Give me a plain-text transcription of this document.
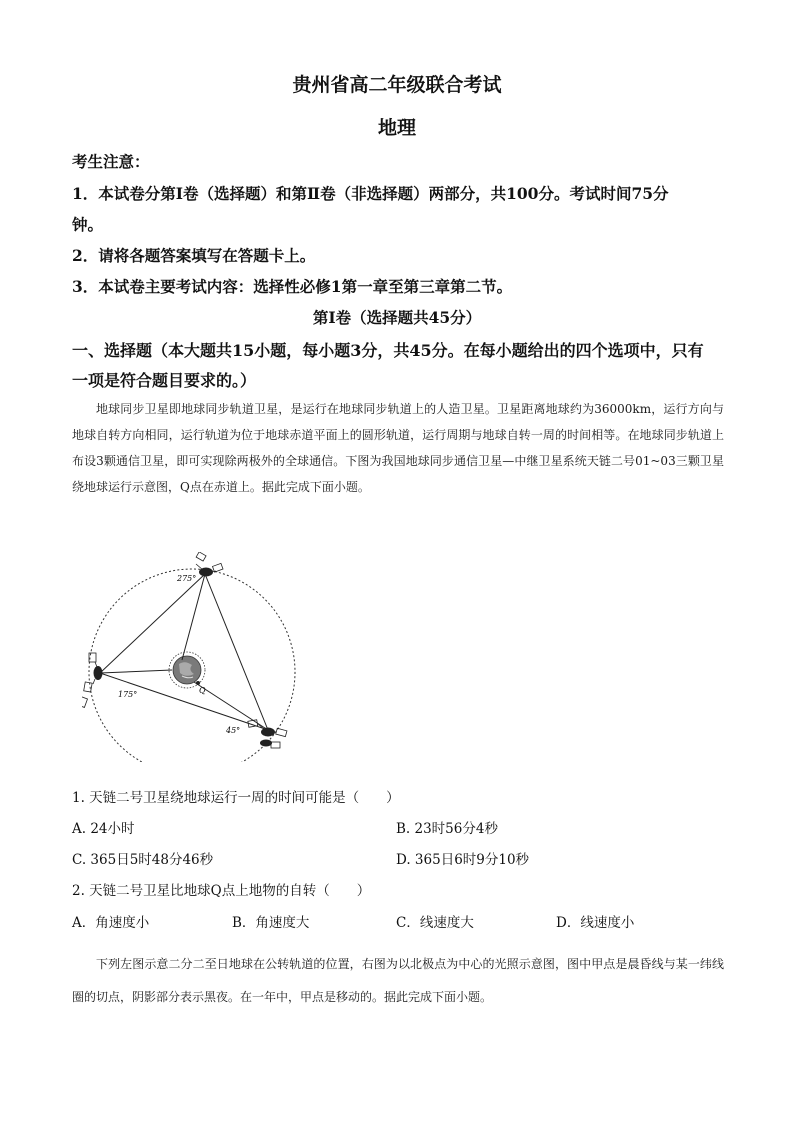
贵州省高二年级联合考试
地理
考生注意：
1．本试卷分第Ⅰ卷（选择题）和第Ⅱ卷（非选择题）两部分，共100分。考试时间75分
钟。
2．请将各题答案填写在答题卡上。
3．本试卷主要考试内容：选择性必修1第一章至第三章第二节。
第Ⅰ卷（选择题共45分）
一、选择题（本大题共15小题，每小题3分，共45分。在每小题给出的四个选项中，只有
一项是符合题目要求的。）

地球同步卫星即地球同步轨道卫星，是运行在地球同步轨道上的人造卫星。卫星距离地球约为36000km，运行方向与地球自转方向相同，运行轨道为位于地球赤道平面上的圆形轨道，运行周期与地球自转一周的时间相等。在地球同步轨道上布设3颗通信卫星，即可实现除两极外的全球通信。下图为我国地球同步通信卫星—中继卫星系统天链二号01~03三颗卫星绕地球运行示意图，Q点在赤道上。据此完成下面小题。

Q
275°
175°
45°
1. 天链二号卫星绕地球运行一周的时间可能是（　　）
A. 24小时	B. 23时56分4秒
C. 365日5时48分46秒	D. 365日6时9分10秒
2. 天链二号卫星比地球Q点上地物的自转（　　）
A．角速度小	B．角速度大	C．线速度大	D．线速度小

下列左图示意二分二至日地球在公转轨道的位置，右图为以北极点为中心的光照示意图，图中甲点是晨昏线与某一纬线圈的切点，阴影部分表示黑夜。在一年中，甲点是移动的。据此完成下面小题。
